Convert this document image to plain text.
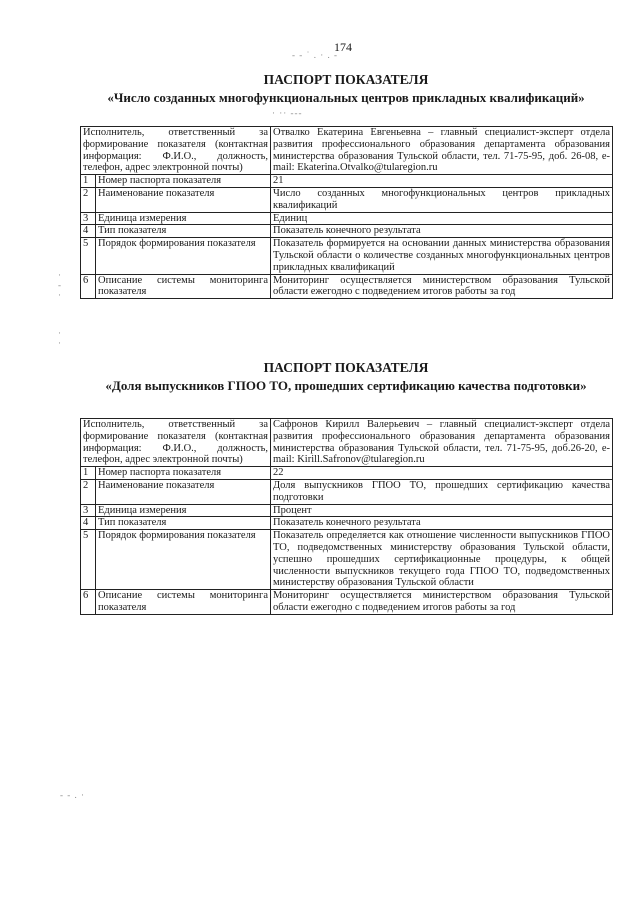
174
- - ˙ . · . ‑
· ·· ‐‐‐
·
-
·
·
·
- - . ·
ПАСПОРТ ПОКАЗАТЕЛЯ
«Число созданных многофункциональных центров прикладных квалификаций»
Исполнитель, ответственный за формирование показателя (контактная информация: Ф.И.О., должность, телефон, адрес электронной почты)		Отвалко Екатерина Евгеньевна – главный специалист-эксперт отдела развития профессионального образования департамента образования министерства образования Тульской области, тел. 71-75-95, доб. 26-08, e-mail: Ekaterina.Otvalko@tularegion.ru
1	Номер паспорта показателя	21
2	Наименование показателя	Число созданных многофункциональных центров прикладных квалификаций
3	Единица измерения	Единиц
4	Тип показателя	Показатель конечного результата
5	Порядок формирования показателя	Показатель формируется на основании данных министерства образования Тульской области о количестве созданных многофункциональных центров прикладных квалификаций
6	Описание системы мониторинга показателя	Мониторинг осуществляется министерством образования Тульской области ежегодно с подведением итогов работы за год
ПАСПОРТ ПОКАЗАТЕЛЯ
«Доля выпускников ГПОО ТО, прошедших сертификацию качества подготовки»
Исполнитель, ответственный за формирование показателя (контактная информация: Ф.И.О., должность, телефон, адрес электронной почты)		Сафронов Кирилл Валерьевич – главный специалист-эксперт отдела развития профессионального образования департамента образования министерства образования Тульской области, тел. 71-75-95, доб.26-20, e-mail: Kirill.Safronov@tularegion.ru
1	Номер паспорта показателя	22
2	Наименование показателя	Доля выпускников ГПОО ТО, прошедших сертификацию качества подготовки
3	Единица измерения	Процент
4	Тип показателя	Показатель конечного результата
5	Порядок формирования показателя	Показатель определяется как отношение численности выпускников ГПОО ТО, подведомственных министерству образования Тульской области, успешно прошедших сертификационные процедуры, к общей численности выпускников текущего года ГПОО ТО, подведомственных министерству образования Тульской области
6	Описание системы мониторинга показателя	Мониторинг осуществляется министерством образования Тульской области ежегодно с подведением итогов работы за год
